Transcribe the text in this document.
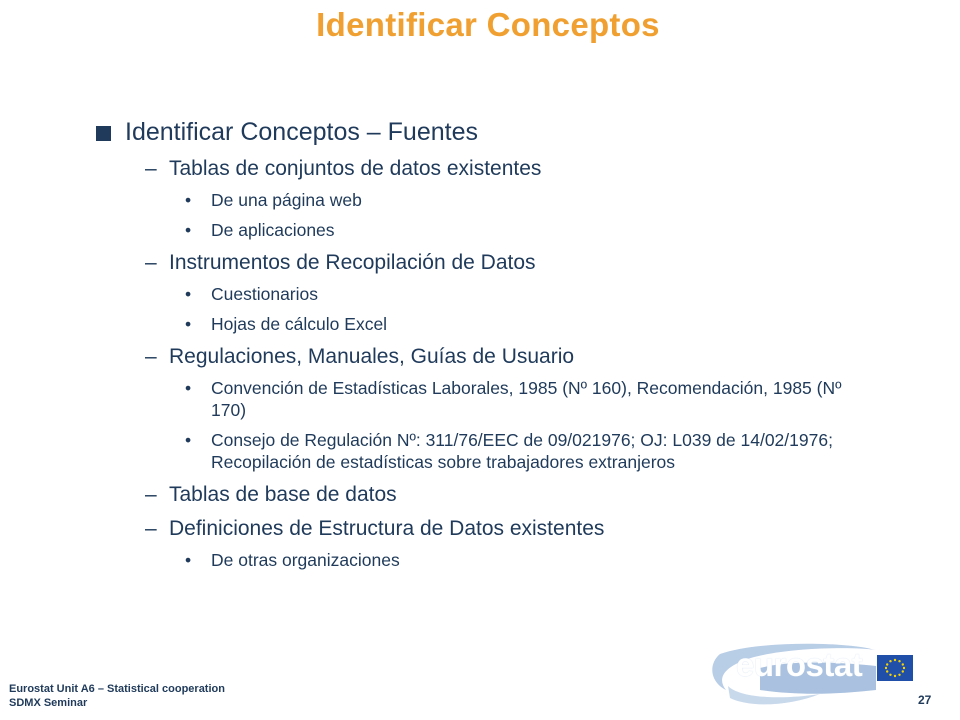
Identificar Conceptos
Identificar Conceptos – Fuentes
– Tablas de conjuntos de datos existentes
•	De una página web
•	De aplicaciones
– Instrumentos de Recopilación de Datos
•	Cuestionarios
•	Hojas de cálculo Excel
– Regulaciones, Manuales, Guías de Usuario
•	Convención de Estadísticas Laborales, 1985 (Nº 160), Recomendación, 1985 (Nº 170)
•	Consejo de Regulación Nº: 311/76/EEC de 09/021976; OJ: L039 de 14/02/1976; Recopilación de estadísticas sobre trabajadores extranjeros
– Tablas de base de datos
– Definiciones de Estructura de Datos existentes
•	De otras organizaciones
Eurostat Unit A6 – Statistical cooperation
SDMX Seminar	27
eurostat
